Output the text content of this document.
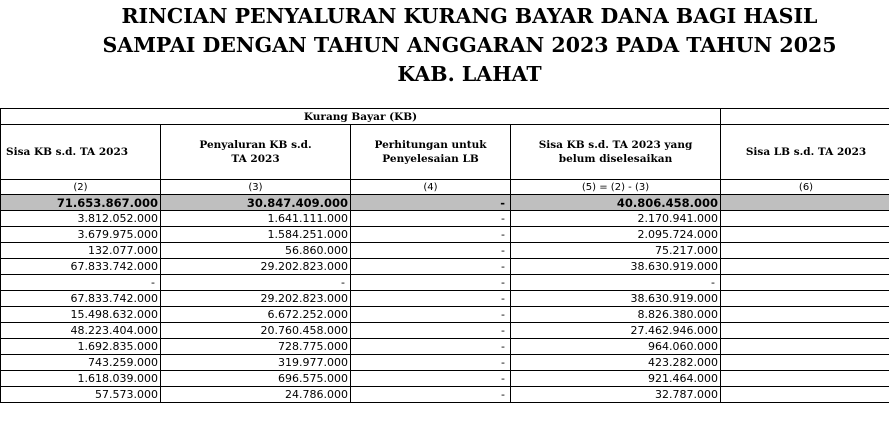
RINCIAN PENYALURAN KURANG BAYAR DANA BAGI HASIL
SAMPAI DENGAN TAHUN ANGGARAN 2023 PADA TAHUN 2025
KAB. LAHAT
Kurang Bayar (KB)				
Sisa KB s.d. TA 2023	Penyaluran KB s.d. TA 2023	Perhitungan untuk Penyelesaian LB	Sisa KB s.d. TA 2023 yang belum diselesaikan	Sisa LB s.d. TA 2023
(2)	(3)	(4)	(5) = (2) - (3)	(6)
71.653.867.000	30.847.409.000	-	40.806.458.000	
3.812.052.000	1.641.111.000	-	2.170.941.000	
3.679.975.000	1.584.251.000	-	2.095.724.000	
132.077.000	56.860.000	-	75.217.000	
67.833.742.000	29.202.823.000	-	38.630.919.000	
-	-	-	-	
67.833.742.000	29.202.823.000	-	38.630.919.000	
15.498.632.000	6.672.252.000	-	8.826.380.000	
48.223.404.000	20.760.458.000	-	27.462.946.000	
1.692.835.000	728.775.000	-	964.060.000	
743.259.000	319.977.000	-	423.282.000	
1.618.039.000	696.575.000	-	921.464.000	
57.573.000	24.786.000	-	32.787.000	
